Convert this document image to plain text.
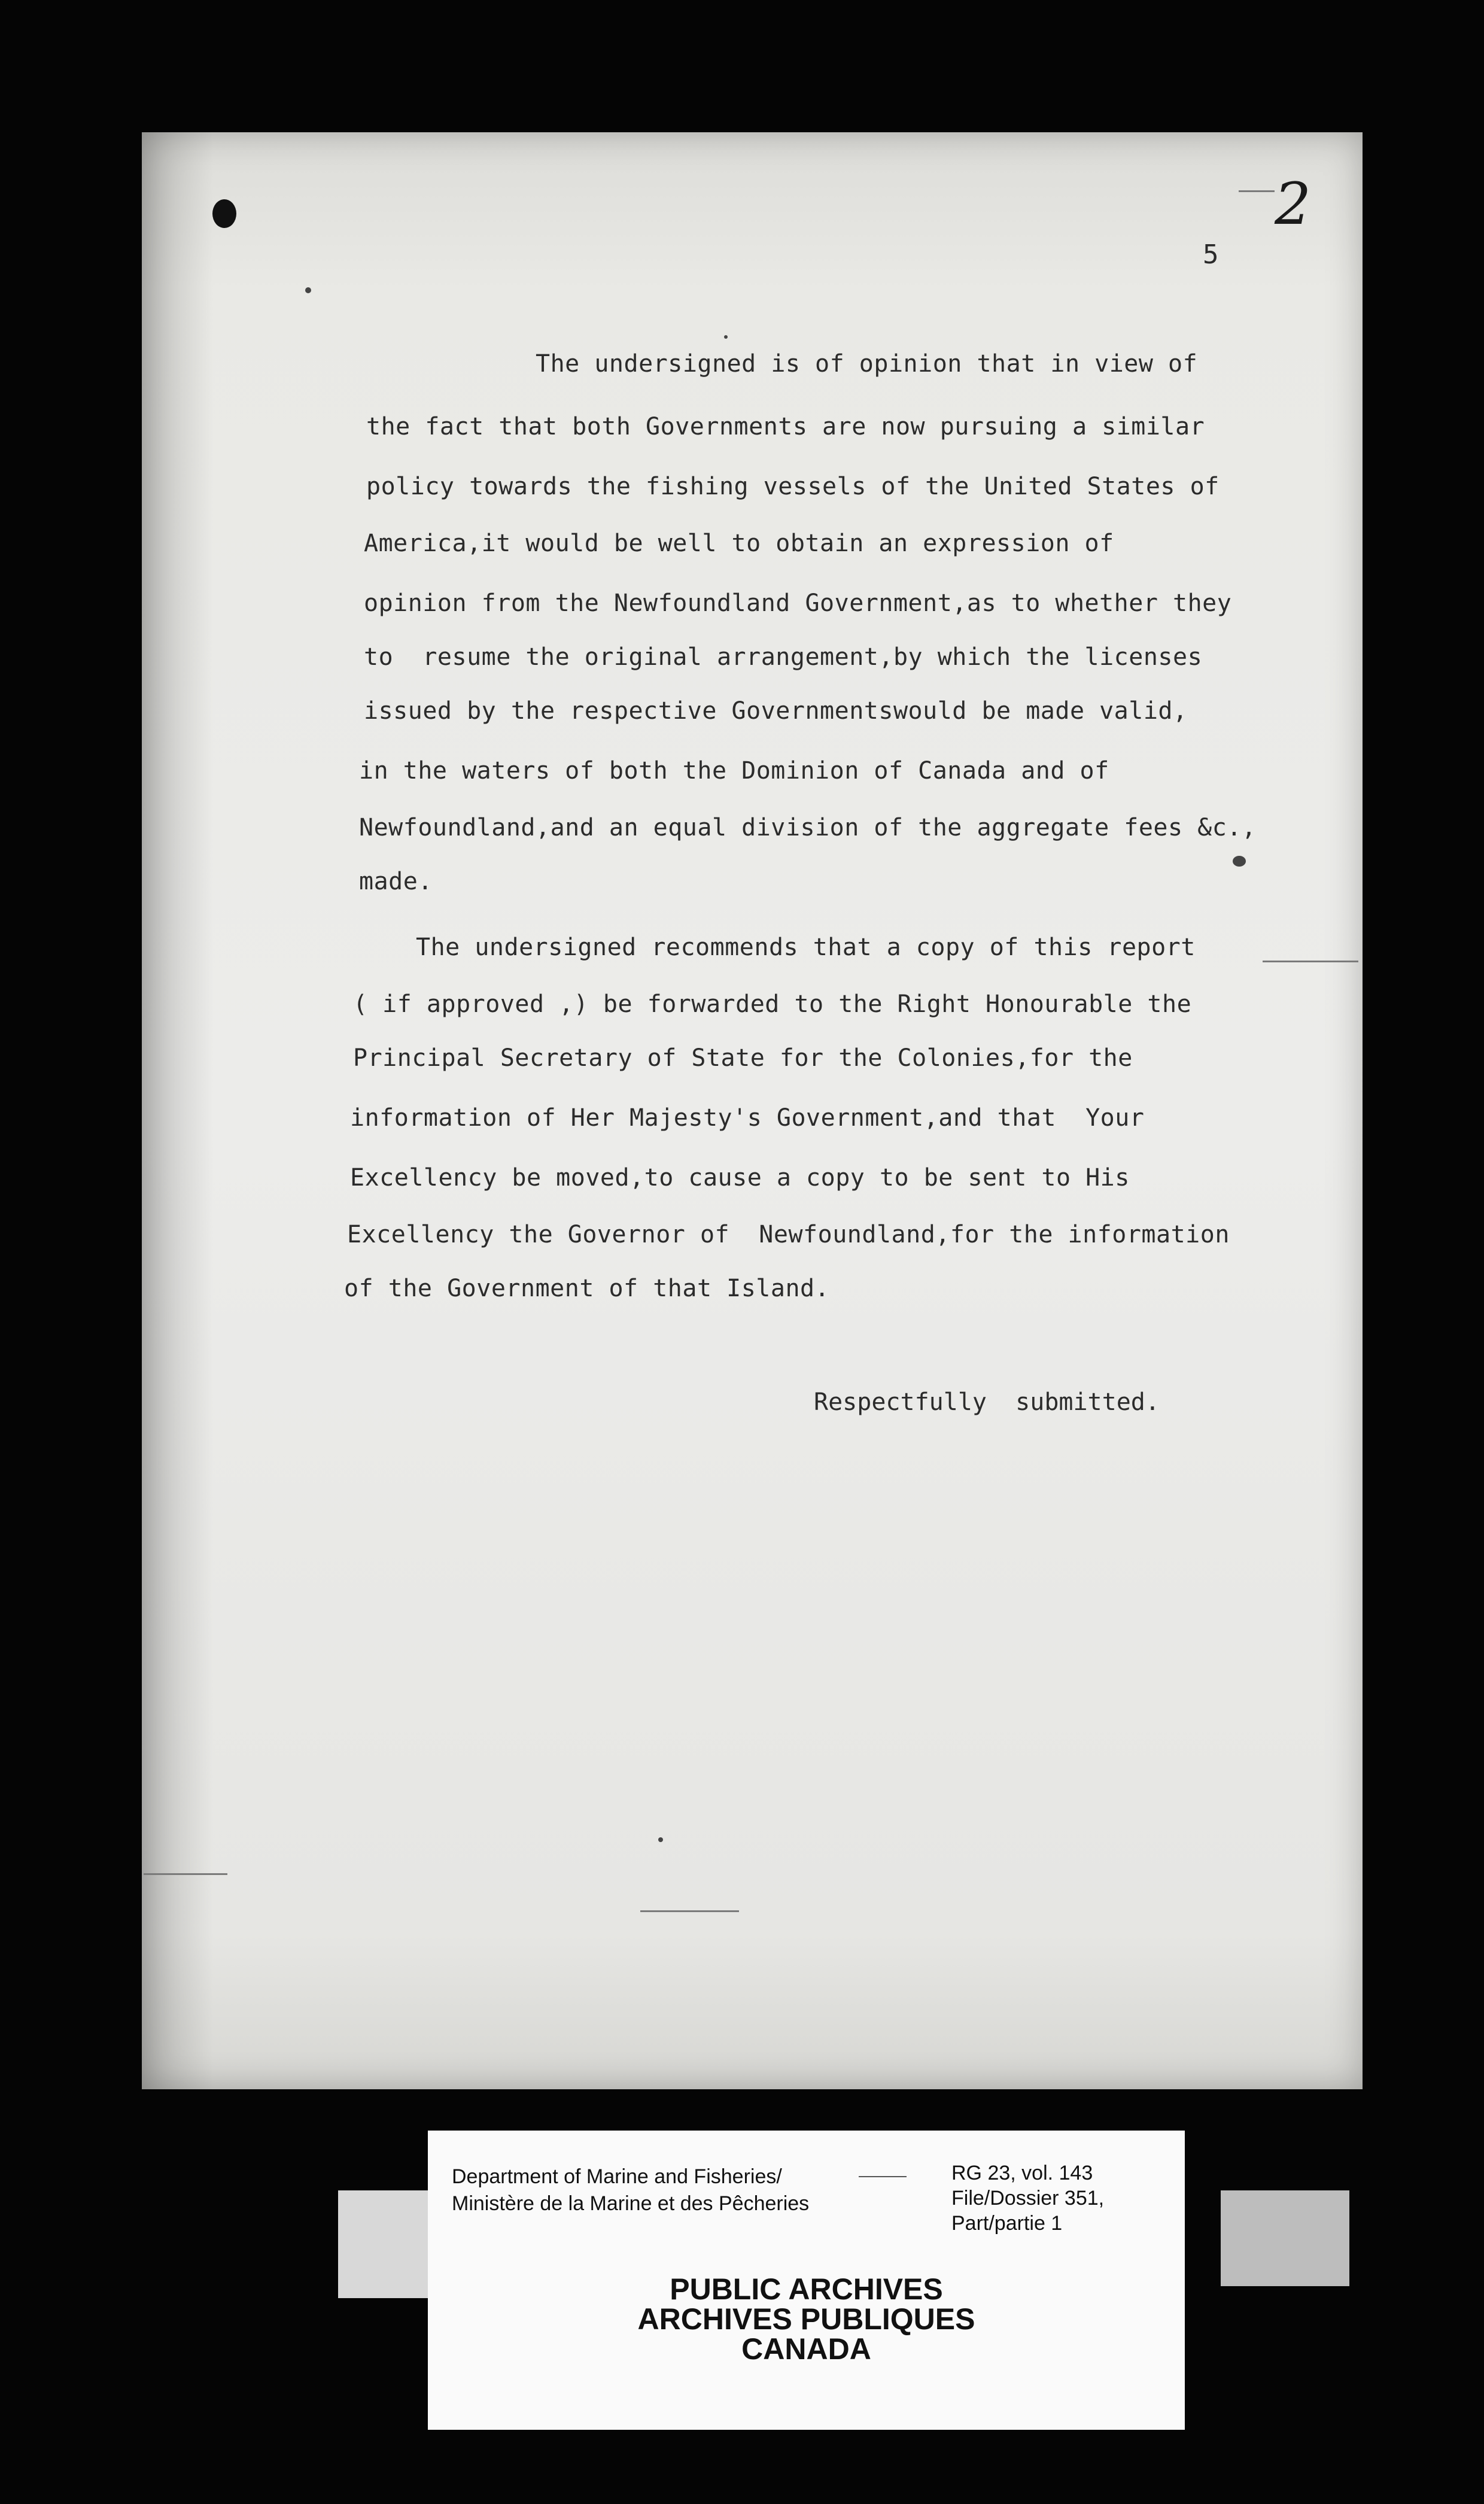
2
5
The undersigned is of opinion that in view of
the fact that both Governments are now pursuing a similar
policy towards the fishing vessels of the United States of
America,it would be well to obtain an expression of
opinion from the Newfoundland Government,as to whether they
to  resume the original arrangement,by which the licenses
issued by the respective Governmentswould be made valid,
in the waters of both the Dominion of Canada and of
Newfoundland,and an equal division of the aggregate fees &c.,
made.
The undersigned recommends that a copy of this report
( if approved ,) be forwarded to the Right Honourable the
Principal Secretary of State for the Colonies,for the
information of Her Majesty's Government,and that  Your
Excellency be moved,to cause a copy to be sent to His
Excellency the Governor of  Newfoundland,for the information
of the Government of that Island.
Respectfully  submitted.
Department of Marine and Fisheries/
Ministère de la Marine et des Pêcheries
RG 23, vol. 143
File/Dossier 351,
Part/partie 1
PUBLIC ARCHIVES
ARCHIVES PUBLIQUES
CANADA
